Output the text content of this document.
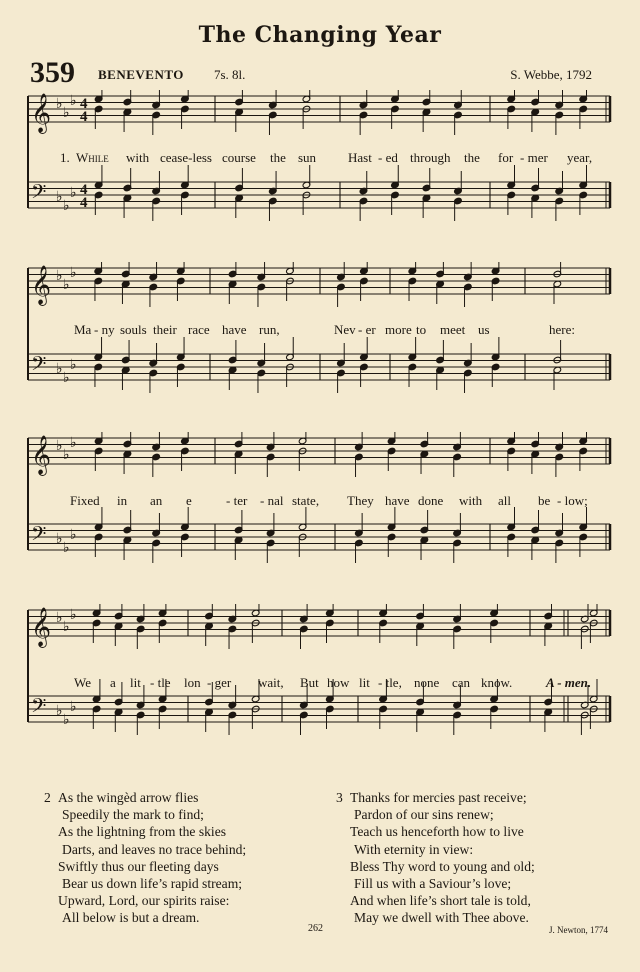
The Changing Year
359 BENEVENTO 7s. 8l.	S. Webbe, 1792
𝄞 ♭
♭
♭ 4
4
𝄢 ♭
♭
♭ 4
4
1. While with cease-less course the sun Hast - ed through the for - mer year,
𝄞 ♭
♭
♭
𝄢 ♭
♭
♭
Ma - ny souls their race have run,	Nev - er more to meet us	here:
𝄞 ♭
♭
♭
𝄢 ♭
♭
♭
Fixed in an e	- ter - nal state, They have done with all be - low;
𝄞 ♭
♭
♭
𝄢 ♭
♭
♭
We a lit - tle lon - ger wait, But how lit - tle, none can know.	A - men.
2 As the wingèd arrow flies
Speedily the mark to find;
As the lightning from the skies
Darts, and leaves no trace behind;
Swiftly thus our fleeting days
Bear us down life’s rapid stream;
Upward, Lord, our spirits raise:
All below is but a dream.
3 Thanks for mercies past receive;
Pardon of our sins renew;
Teach us henceforth how to live
With eternity in view:
Bless Thy word to young and old;
Fill us with a Saviour’s love;
And when life’s short tale is told,
May we dwell with Thee above.
262	J. Newton, 1774
